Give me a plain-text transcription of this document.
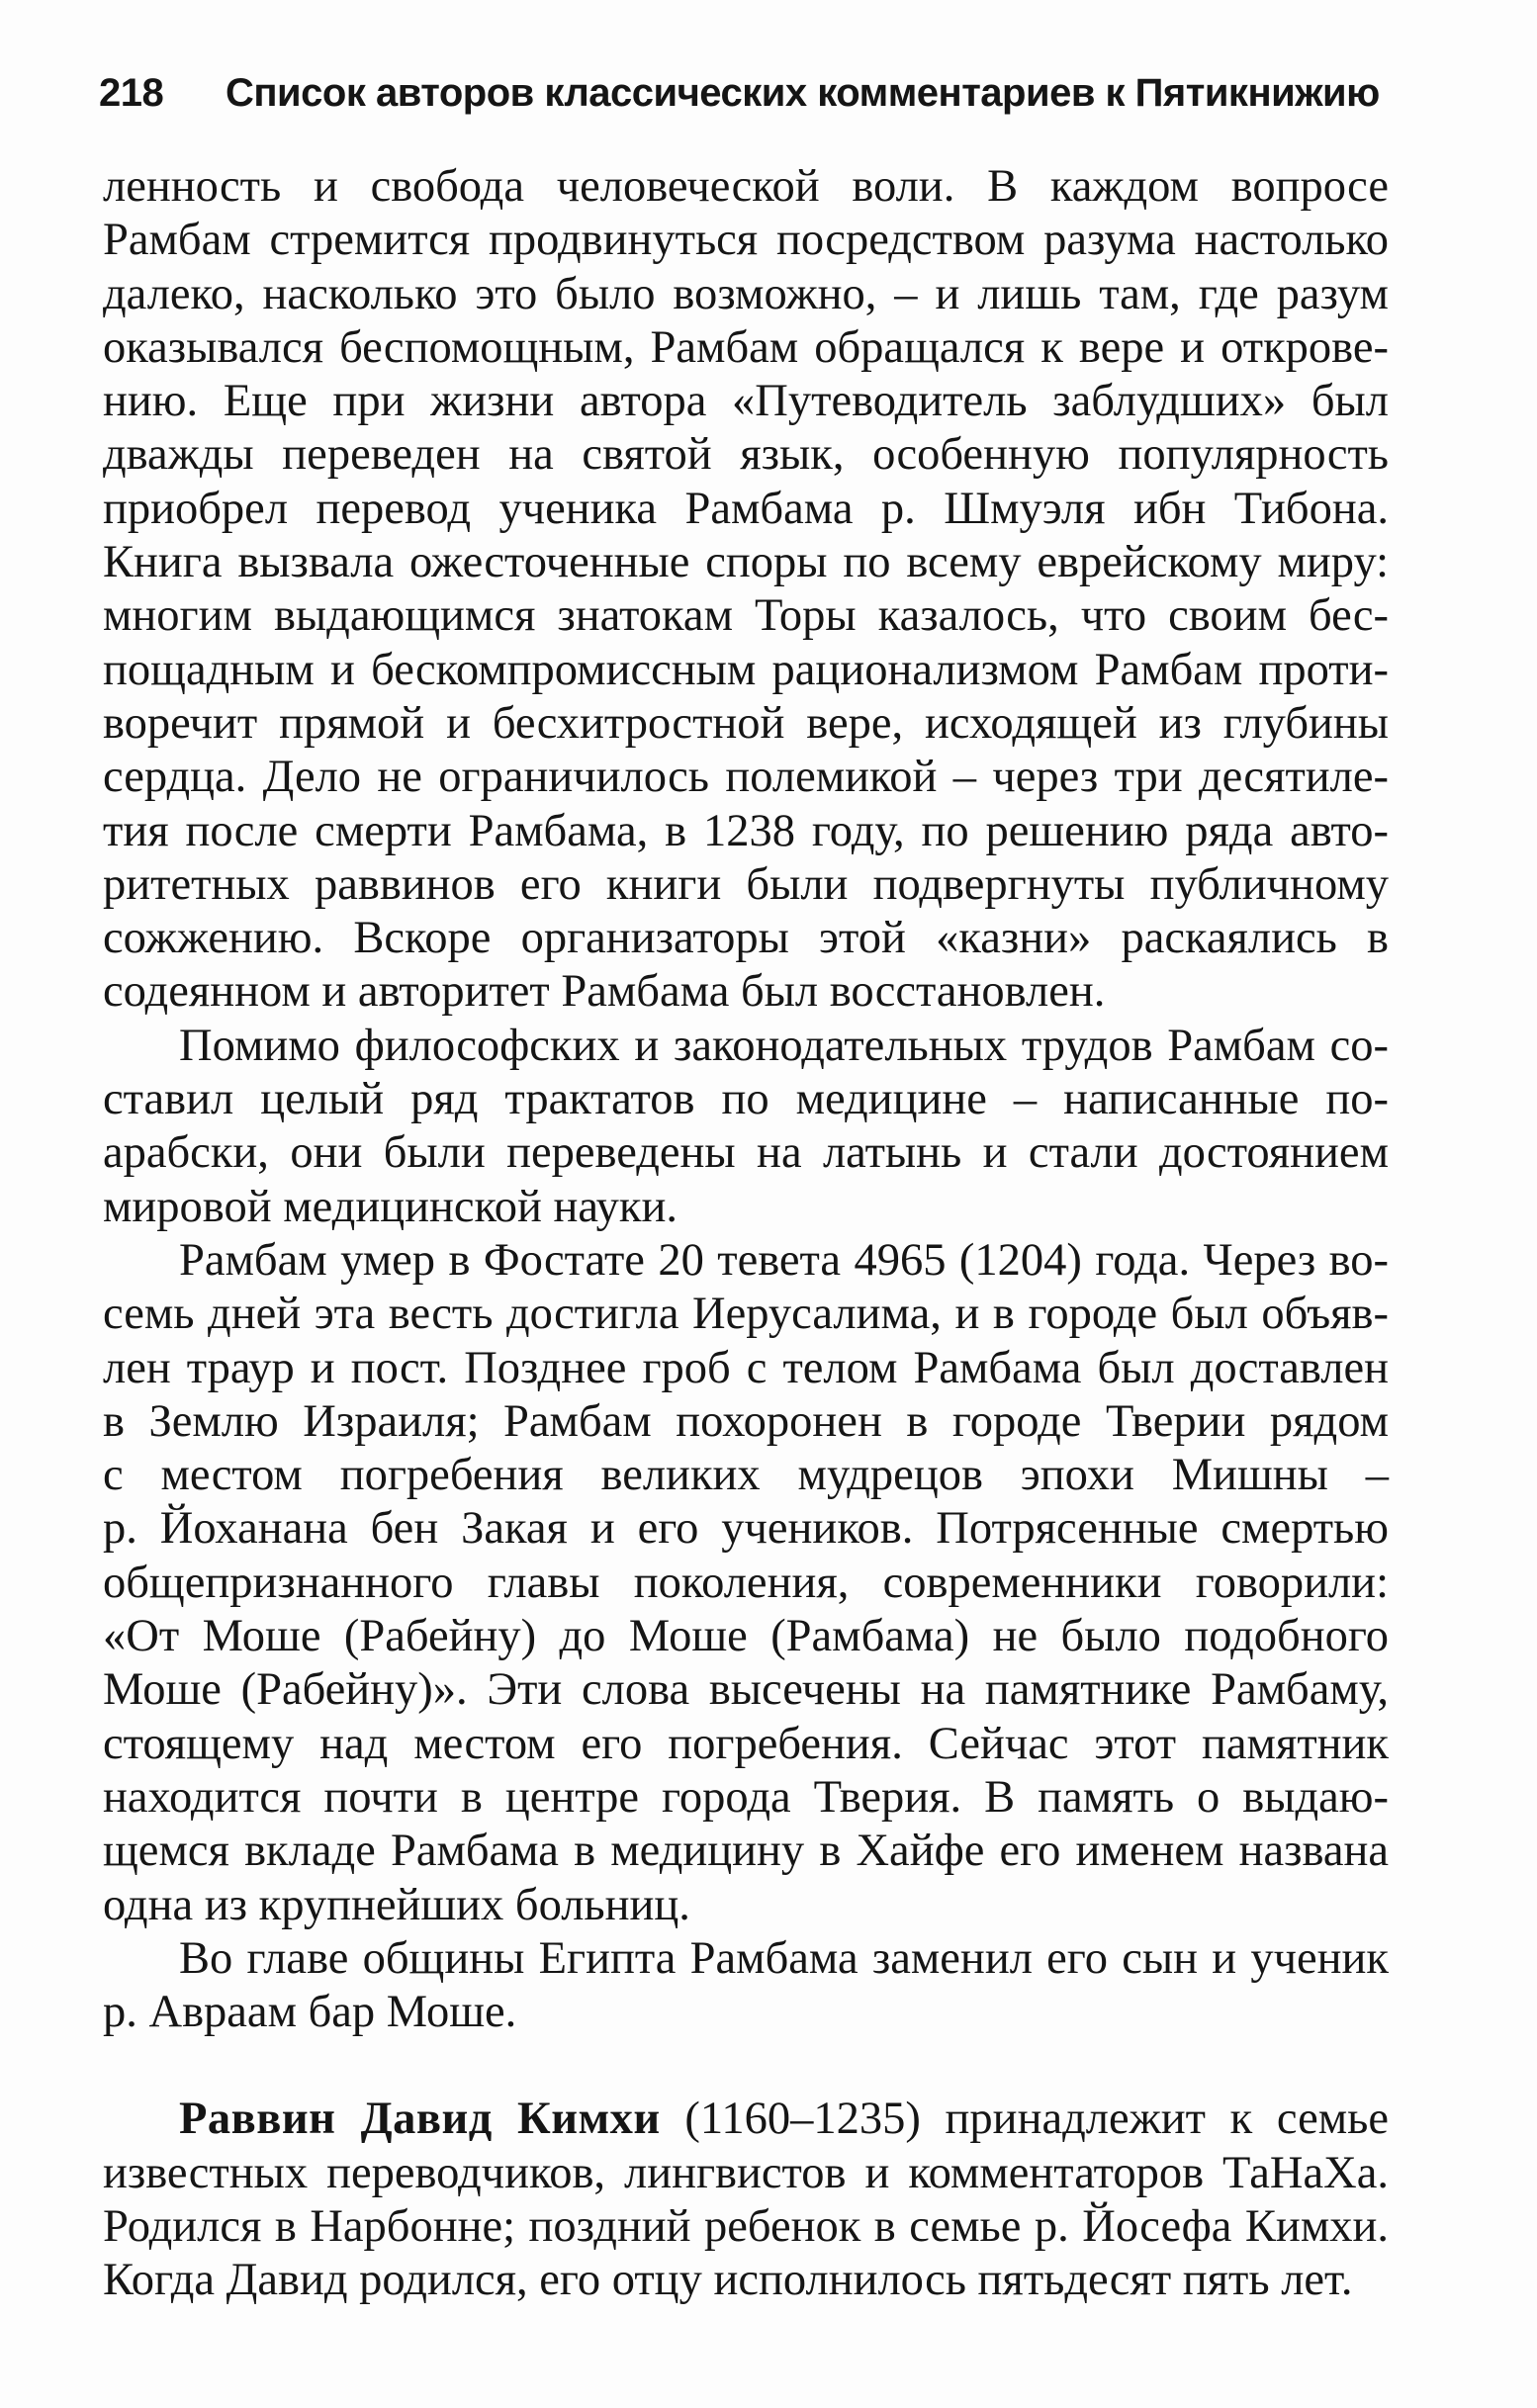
218 Список авторов классических комментариев к Пятикнижию

ленность и свобода человеческой воли. В каждом вопросе

Рамбам стремится продвинуться посредством разума настолько

далеко, насколько это было возможно, – и лишь там, где разум

оказывался беспомощным, Рамбам обращался к вере и открове-

нию. Еще при жизни автора «Путеводитель заблудших» был

дважды переведен на святой язык, особенную популярность

приобрел перевод ученика Рамбама р. Шмуэля ибн Тибона.

Книга вызвала ожесточенные споры по всему еврейскому миру:

многим выдающимся знатокам Торы казалось, что своим бес-

пощадным и бескомпромиссным рационализмом Рамбам проти-

воречит прямой и бесхитростной вере, исходящей из глубины

сердца. Дело не ограничилось полемикой – через три десятиле-

тия после смерти Рамбама, в 1238 году, по решению ряда авто-

ритетных раввинов его книги были подвергнуты публичному

сожжению. Вскоре организаторы этой «казни» раскаялись в

содеянном и авторитет Рамбама был восстановлен.

Помимо философских и законодательных трудов Рамбам со-

ставил целый ряд трактатов по медицине – написанные по-

арабски, они были переведены на латынь и стали достоянием

мировой медицинской науки.

Рамбам умер в Фостате 20 тевета 4965 (1204) года. Через во-

семь дней эта весть достигла Иерусалима, и в городе был объяв-

лен траур и пост. Позднее гроб с телом Рамбама был доставлен

в Землю Израиля; Рамбам похоронен в городе Тверии рядом

с местом погребения великих мудрецов эпохи Мишны –

р. Йоханана бен Закая и его учеников. Потрясенные смертью

общепризнанного главы поколения, современники говорили:

«От Моше (Рабейну) до Моше (Рамбама) не было подобного

Моше (Рабейну)». Эти слова высечены на памятнике Рамбаму,

стоящему над местом его погребения. Сейчас этот памятник

находится почти в центре города Тверия. В память о выдаю-

щемся вкладе Рамбама в медицину в Хайфе его именем названа

одна из крупнейших больниц.

Во главе общины Египта Рамбама заменил его сын и ученик

р. Авраам бар Моше.

Раввин Давид Кимхи (1160–1235) принадлежит к семье

известных переводчиков, лингвистов и комментаторов ТаНаХа.

Родился в Нарбонне; поздний ребенок в семье р. Йосефа Кимхи.

Когда Давид родился, его отцу исполнилось пятьдесят пять лет.
